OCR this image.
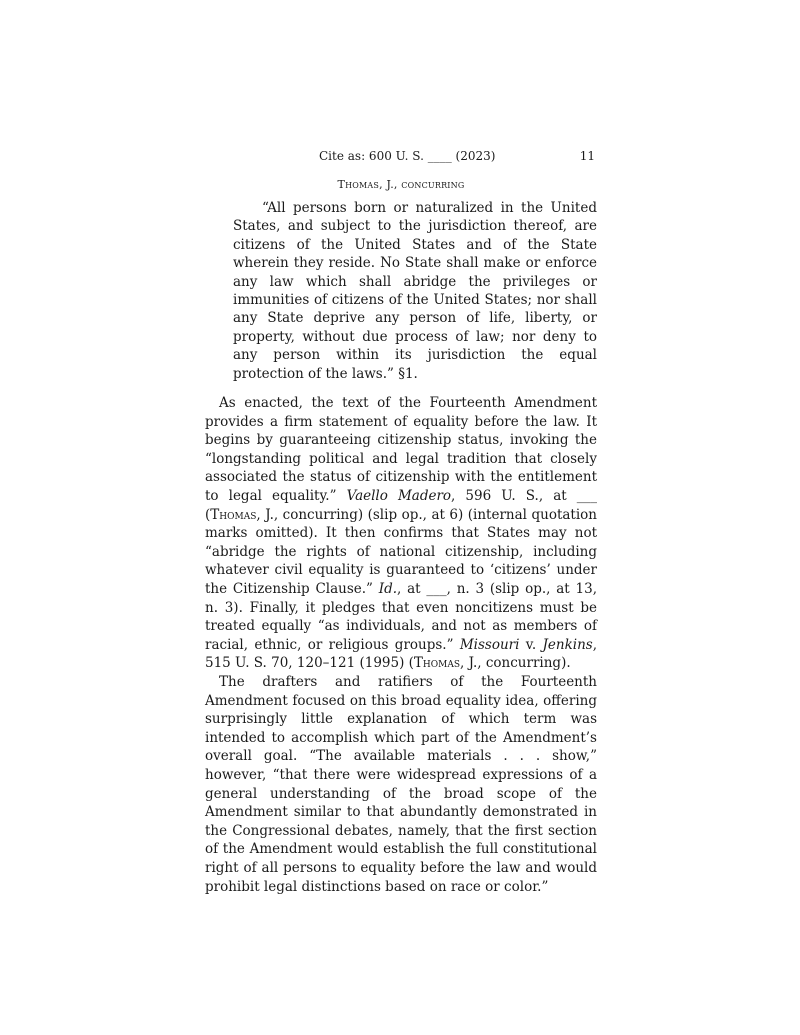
Cite as: 600 U. S. ____ (2023)	11
Thomas, J., concurring

“All persons born or naturalized in the United States, and subject to the jurisdiction thereof, are citizens of the United States and of the State wherein they reside. No State shall make or enforce any law which shall abridge the privileges or immunities of citizens of the United States; nor shall any State deprive any person of life, liberty, or property, without due process of law; nor deny to any person within its jurisdiction the equal protection of the laws.” §1.

As enacted, the text of the Fourteenth Amendment provides a firm statement of equality before the law. It begins by guaranteeing citizenship status, invoking the “longstanding political and legal tradition that closely associated the status of citizenship with the entitlement to legal equality.” Vaello Madero, 596 U. S., at ___ (Thomas, J., concurring) (slip op., at 6) (internal quotation marks omitted). It then confirms that States may not “abridge the rights of national citizenship, including whatever civil equality is guaranteed to ‘citizens’ under the Citizenship Clause.” Id., at ___, n. 3 (slip op., at 13, n. 3). Finally, it pledges that even noncitizens must be treated equally “as individuals, and not as members of racial, ethnic, or religious groups.” Missouri v. Jenkins, 515 U. S. 70, 120–121 (1995) (Thomas, J., concurring).

The drafters and ratifiers of the Fourteenth Amendment focused on this broad equality idea, offering surprisingly little explanation of which term was intended to accomplish which part of the Amendment’s overall goal. “The available materials . . . show,” however, “that there were widespread expressions of a general understanding of the broad scope of the Amendment similar to that abundantly demonstrated in the Congressional debates, namely, that the first section of the Amendment would establish the full constitutional right of all persons to equality before the law and would prohibit legal distinctions based on race or color.”
